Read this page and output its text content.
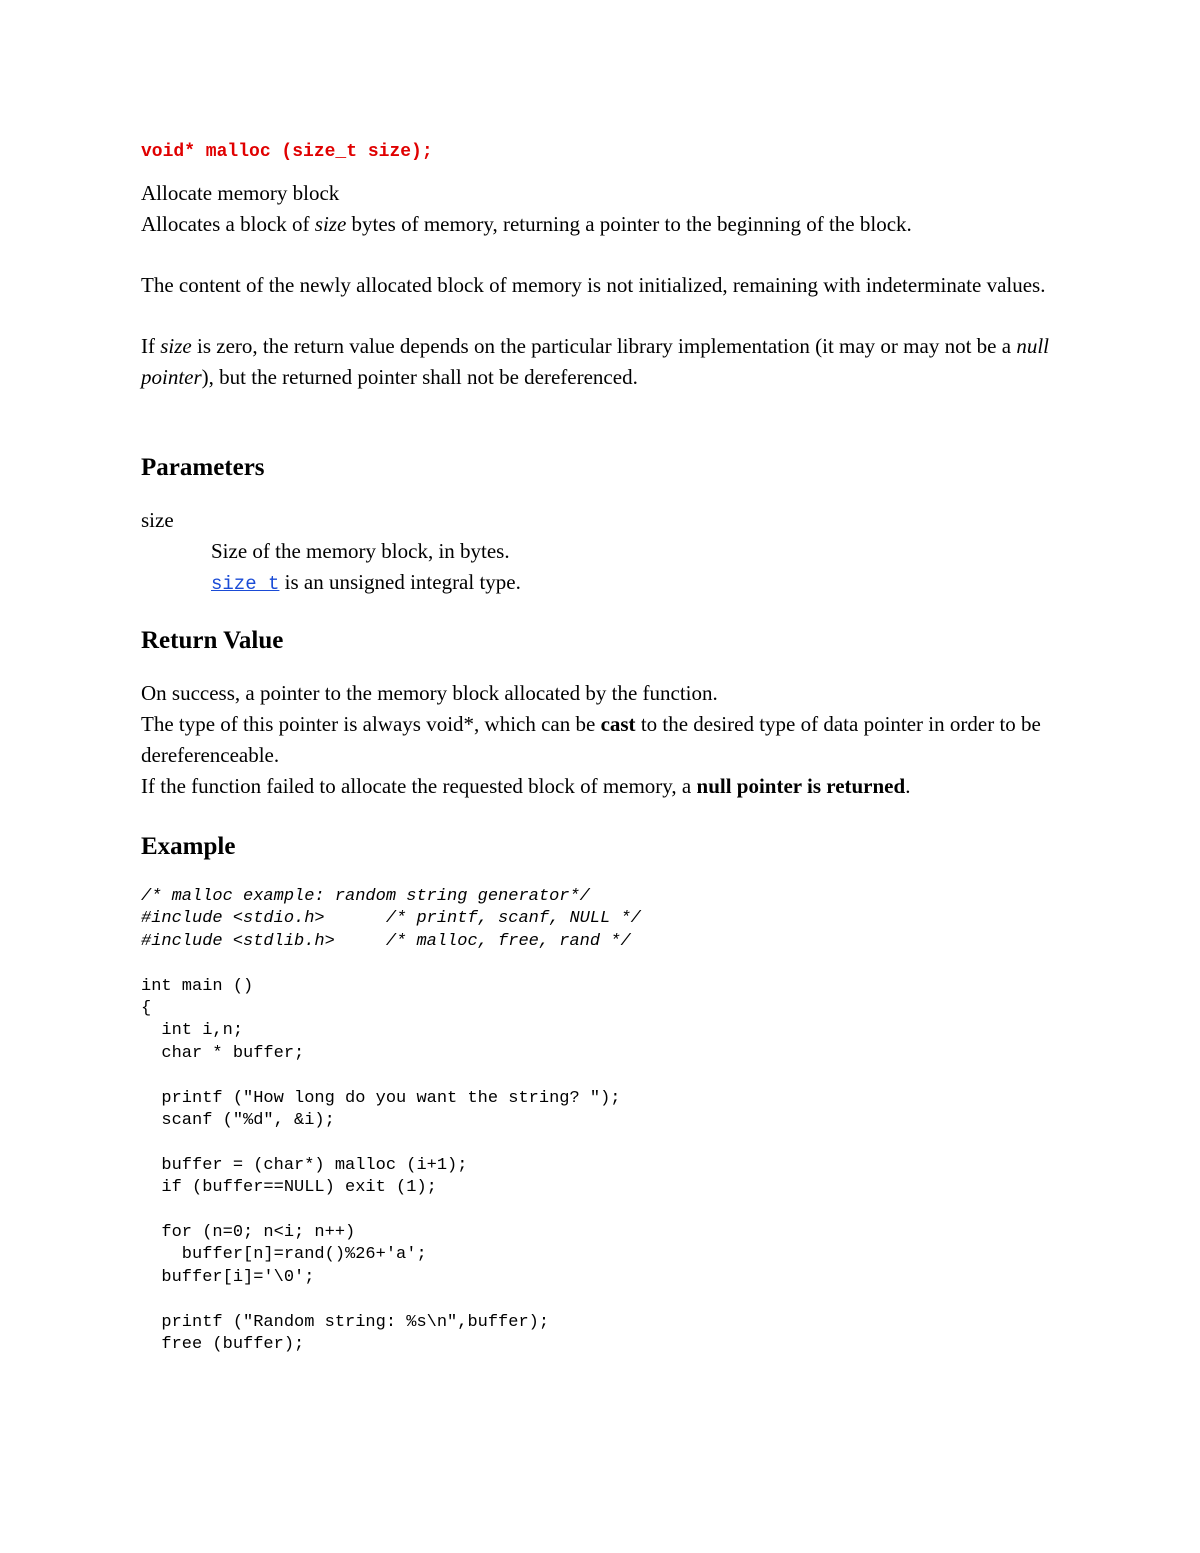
void* malloc (size_t size);

Allocate memory block

Allocates a block of size bytes of memory, returning a pointer to the beginning of the block.

The content of the newly allocated block of memory is not initialized, remaining with indeterminate values.

If size is zero, the return value depends on the particular library implementation (it may or may not be a null pointer), but the returned pointer shall not be dereferenced.

Parameters

size

Size of the memory block, in bytes.

size_t is an unsigned integral type.

Return Value

On success, a pointer to the memory block allocated by the function.

The type of this pointer is always void*, which can be cast to the desired type of data pointer in order to be dereferenceable.

If the function failed to allocate the requested block of memory, a null pointer is returned.

Example
/* malloc example: random string generator*/
#include <stdio.h>      /* printf, scanf, NULL */
#include <stdlib.h>     /* malloc, free, rand */
int main ()
{
int i,n;
char * buffer;
printf ("How long do you want the string? ");
scanf ("%d", &i);
buffer = (char*) malloc (i+1);
if (buffer==NULL) exit (1);
for (n=0; n<i; n++)
buffer[n]=rand()%26+'a';
buffer[i]='\0';
printf ("Random string: %s\n",buffer);
free (buffer);
